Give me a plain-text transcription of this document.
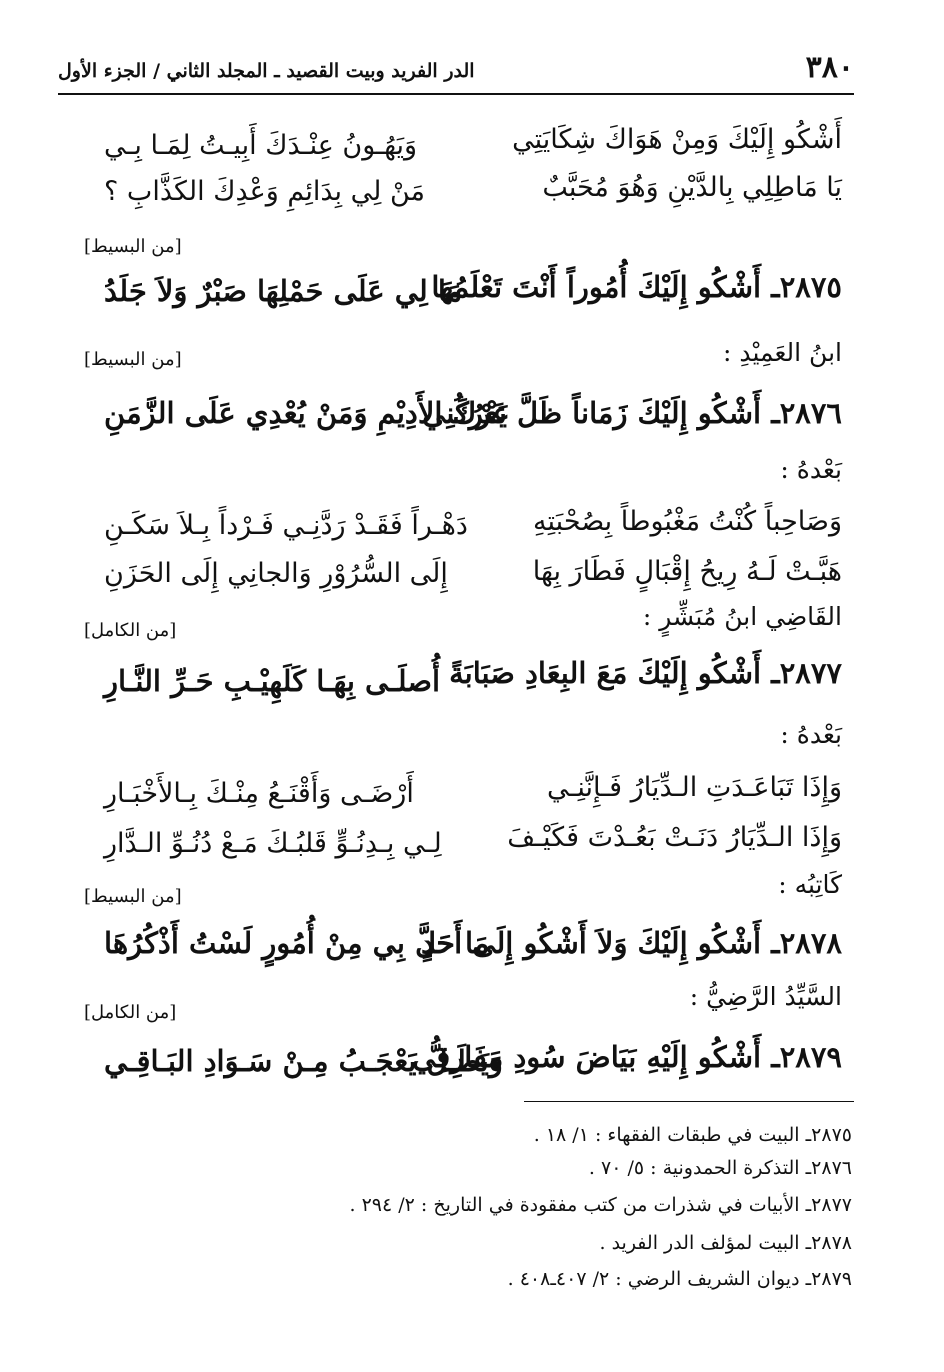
٣٨٠
الدر الفريد وبيت القصيد ـ المجلد الثاني / الجزء الأول
أَشْكُو إِلَيْكَ وَمِنْ هَوَاكَ شِكَايَتِي
وَيَهُـونُ عِنْـدَكَ أَبِيـتُ لِمَـا بِـي
يَا مَاطِلِي بِالدَّيْنِ وَهُوَ مُحَبَّبٌ
مَنْ لِي بِدَائِمِ وَعْدِكَ الكَذَّابِ ؟
[من البسيط]
٢٨٧٥ـ أَشْكُو إِلَيْكَ أُمُوراً أَنْتَ تَعْلَمُهَا
مَا لِي عَلَى حَمْلِهَا صَبْرٌ وَلاَ جَلَدُ
ابنُ العَمِيْدِ :
[من البسيط]
٢٨٧٦ـ أَشْكُو إِلَيْكَ زَمَاناً ظَلَّ يَعْرُكُنِي
عَرْكَ الأَدِيْمِ وَمَنْ يُعْدِي عَلَى الزَّمَنِ
بَعْدهُ :
وَصَاحِباً كُنْتُ مَغْبُوطاً بِصُحْبَتِهِ
دَهْـراً فَقَـدْ رَدَّنِـي فَـرْداً بِـلاَ سَكَـنِ
هَبَّـتْ لَـهُ رِيحُ إِقْبَالٍ فَطَارَ بِهَا
إِلَى السُّرُوْرِ وَالجانِي إِلَى الحَزَنِ
القَاضِي ابنُ مُبَشِّرٍ :
[من الكامل]
٢٨٧٧ـ أَشْكُو إِلَيْكَ مَعَ البِعَادِ صَبَابَةً
أُصلَـى بِهَـا كَلَهِيْـبِ حَـرِّ النَّـارِ
بَعْدهُ :
وَإِذَا تَبَاعَـدَتِ الـدِّيَارُ فَـإِنَّنِـي
أَرْضَـى وَأَقْنَـعُ مِنْـكَ بِـالأَخْبَـارِ
وَإِذَا الـدِّيَارُ دَنَـتْ بَعُـدْتَ فَكَيْـفَ
لِـي بِـدِنُـوٍّ قَلبُـكَ مَـعْ دُنُـوِّ الـدَّارِ
كَاتِبُه :
[من البسيط]
٢٨٧٨ـ أَشْكُو إِلَيْكَ وَلاَ أَشْكُو إِلَى أَحَدٍ
مَا حَلَّ بِي مِنْ أُمُورٍ لَسْتُ أَذْكُرُهَا
السَّيِّدُ الرَّضِيُّ :
[من الكامل]
٢٨٧٩ـ أَشْكُو إِلَيْهِ بَيَاضَ سُودِ مَفَارِقِي
وَيَظَـلُّ يَعْجَـبُ مِـنْ سَـوَادِ البَـاقِـي
٢٨٧٥ـ البيت في طبقات الفقهاء : ١/ ١٨ .
٢٨٧٦ـ التذكرة الحمدونية : ٥/ ٧٠ .
٢٨٧٧ـ الأبيات في شذرات من كتب مفقودة في التاريخ : ٢/ ٢٩٤ .
٢٨٧٨ـ البيت لمؤلف الدر الفريد .
٢٨٧٩ـ ديوان الشريف الرضي : ٢/ ٤٠٧ـ٤٠٨ .
